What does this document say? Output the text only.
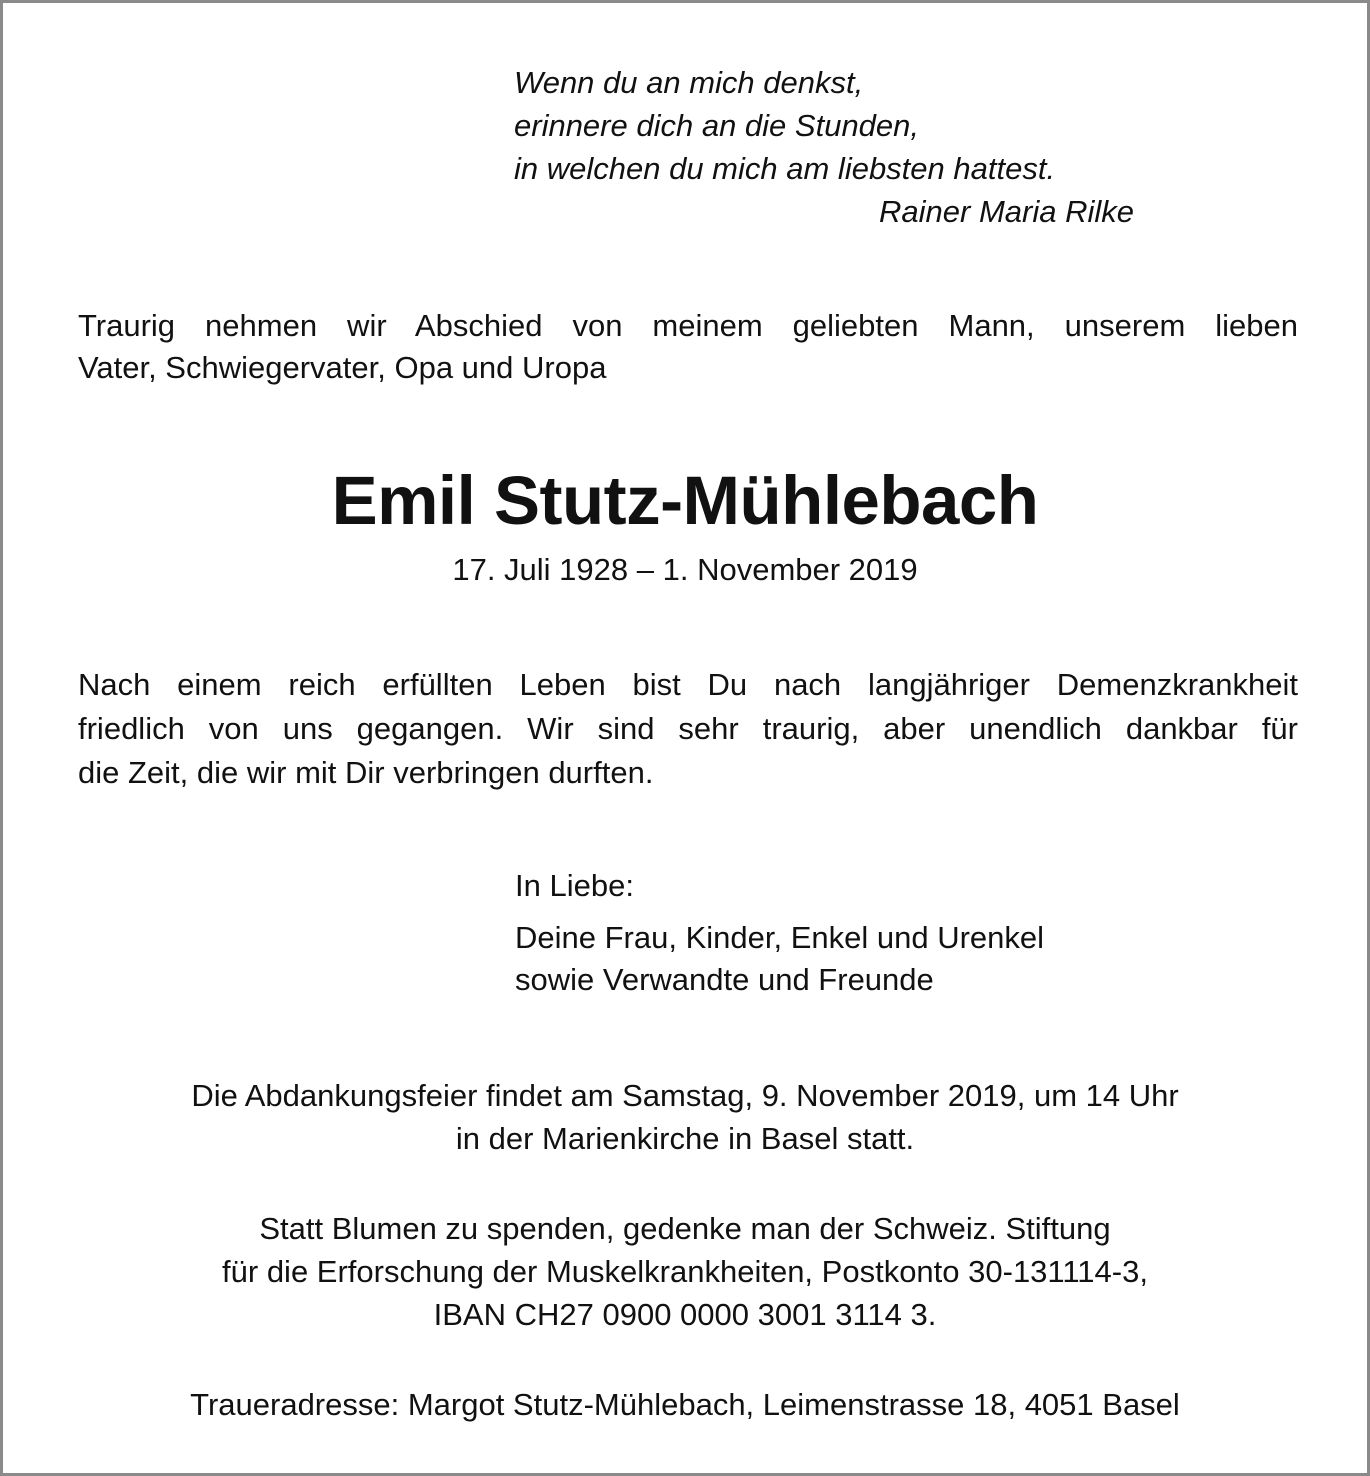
Wenn du an mich denkst,
erinnere dich an die Stunden,
in welchen du mich am liebsten hattest.
Rainer Maria Rilke
Traurig nehmen wir Abschied von meinem geliebten Mann, unserem lieben
Vater, Schwiegervater, Opa und Uropa
Emil Stutz-Mühlebach
17. Juli 1928 – 1. November 2019
Nach einem reich erfüllten Leben bist Du nach langjähriger Demenzkrankheit
friedlich von uns gegangen. Wir sind sehr traurig, aber unendlich dankbar für
die Zeit, die wir mit Dir verbringen durften.
In Liebe:
Deine Frau, Kinder, Enkel und Urenkel
sowie Verwandte und Freunde
Die Abdankungsfeier findet am Samstag, 9. November 2019, um 14 Uhr
in der Marienkirche in Basel statt.
Statt Blumen zu spenden, gedenke man der Schweiz. Stiftung
für die Erforschung der Muskelkrankheiten, Postkonto 30-131114-3,
IBAN CH27 0900 0000 3001 3114 3.
Traueradresse: Margot Stutz-Mühlebach, Leimenstrasse 18, 4051 Basel
